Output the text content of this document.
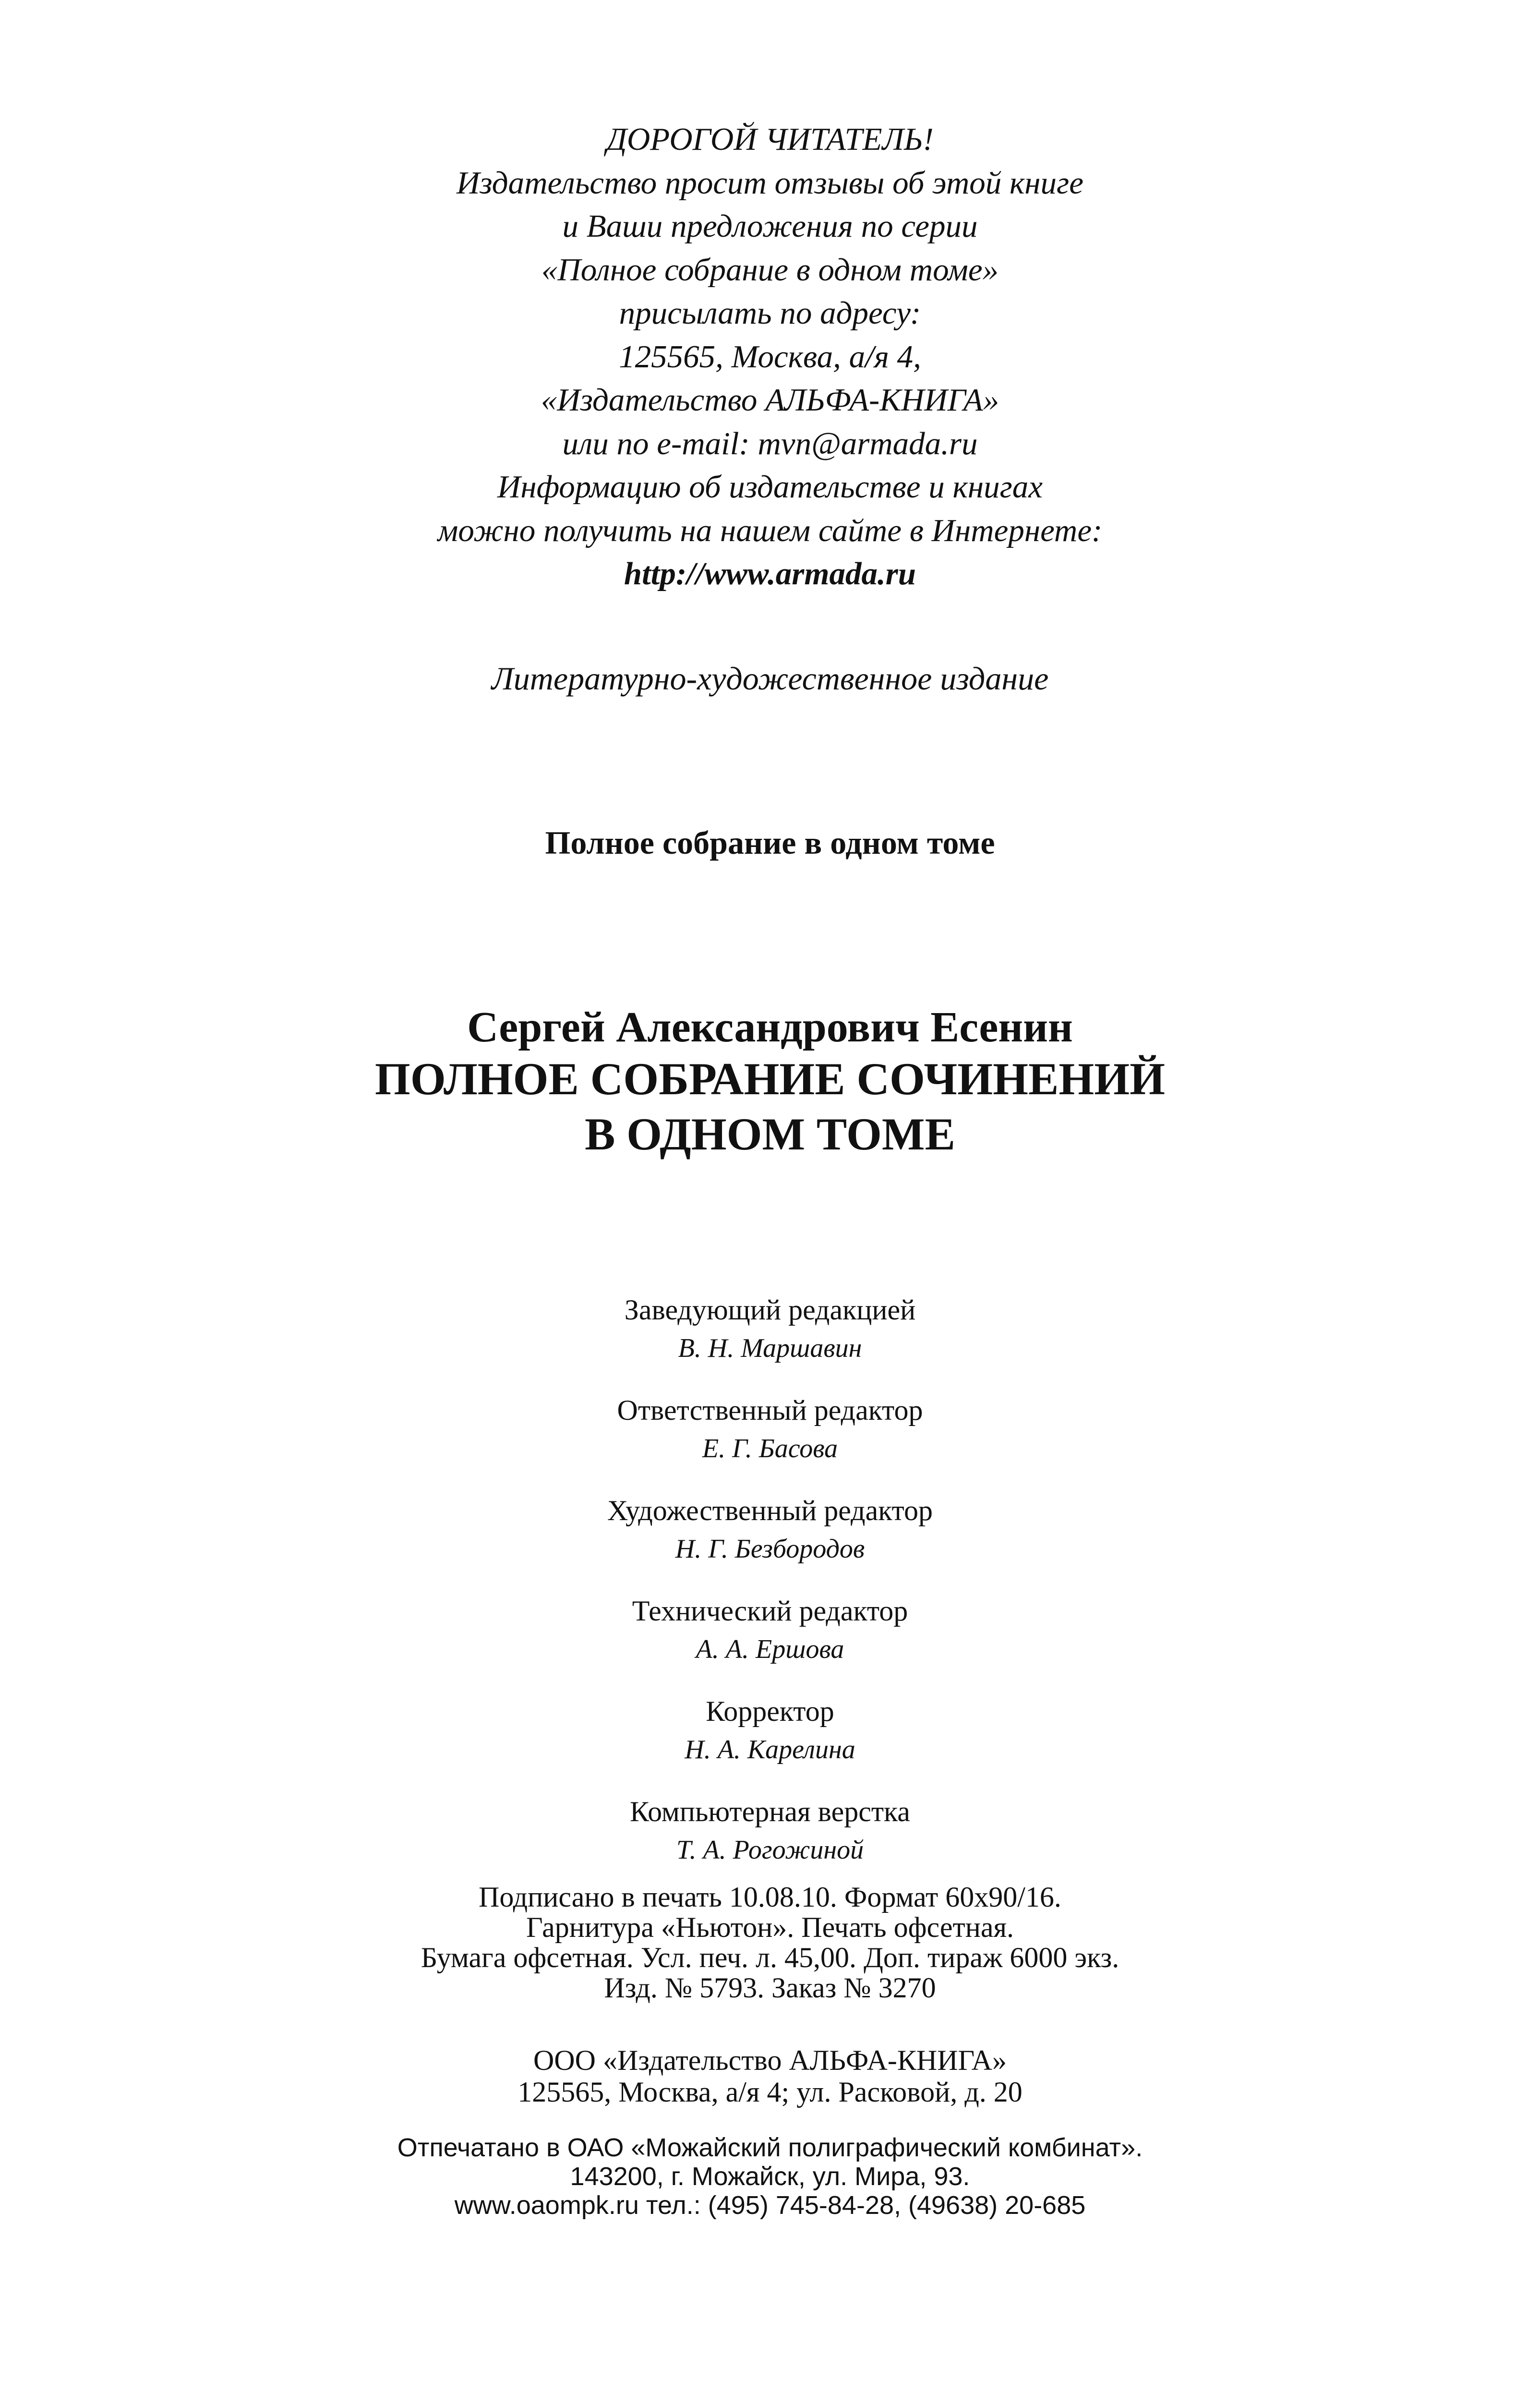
ДОРОГОЙ ЧИТАТЕЛЬ!
Издательство просит отзывы об этой книге
и Ваши предложения по серии
«Полное собрание в одном томе»
присылать по адресу:
125565, Москва, а/я 4,
«Издательство АЛЬФА-КНИГА»
или по e-mail: mvn@armada.ru
Информацию об издательстве и книгах
можно получить на нашем сайте в Интернете:
http://www.armada.ru
Литературно-художественное издание
Полное собрание в одном томе
Сергей Александрович Есенин
ПОЛНОЕ СОБРАНИЕ СОЧИНЕНИЙ
В ОДНОМ ТОМЕ
Заведующий редакцией
В. Н. Маршавин
Ответственный редактор
Е. Г. Басова
Художественный редактор
Н. Г. Безбородов
Технический редактор
А. А. Ершова
Корректор
Н. А. Карелина
Компьютерная верстка
Т. А. Рогожиной
Подписано в печать 10.08.10. Формат 60x90/16.
Гарнитура «Ньютон». Печать офсетная.
Бумага офсетная. Усл. печ. л. 45,00. Доп. тираж 6000 экз.
Изд. № 5793. Заказ № 3270
ООО «Издательство АЛЬФА-КНИГА»
125565, Москва, а/я 4; ул. Расковой, д. 20
Отпечатано в ОАО «Можайский полиграфический комбинат».
143200, г. Можайск, ул. Мира, 93.
www.oaompk.ru тел.: (495) 745-84-28, (49638) 20-685
